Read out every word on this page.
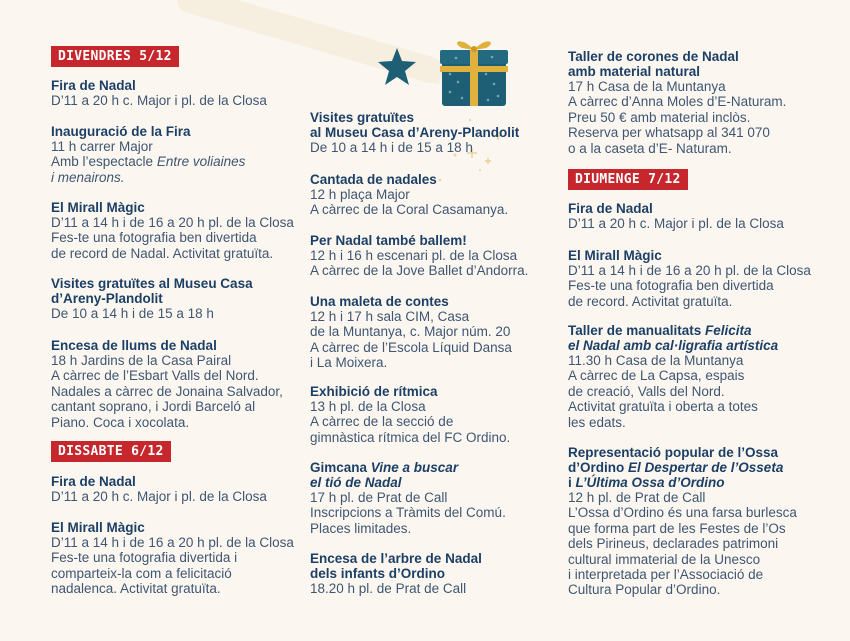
DIVENDRES 5/12
Fira de Nadal
D’11 a 20 h c. Major i pl. de la Closa
Inauguració de la Fira
11 h carrer Major
Amb l’espectacle Entre voliaines
i menairons.
El Mirall Màgic
D’11 a 14 h i de 16 a 20 h pl. de la Closa
Fes-te una fotografia ben divertida
de record de Nadal. Activitat gratuïta.
Visites gratuïtes al Museu Casa
d’Areny-Plandolit
De 10 a 14 h i de 15 a 18 h
Encesa de llums de Nadal
18 h Jardins de la Casa Pairal
A càrrec de l’Esbart Valls del Nord.
Nadales a càrrec de Jonaina Salvador,
cantant soprano, i Jordi Barceló al
Piano. Coca i xocolata.
DISSABTE 6/12
Fira de Nadal
D’11 a 20 h c. Major i pl. de la Closa
El Mirall Màgic
D’11 a 14 h i de 16 a 20 h pl. de la Closa
Fes-te una fotografia divertida i
comparteix-la com a felicitació
nadalenca. Activitat gratuïta.
Visites gratuïtes
al Museu Casa d’Areny-Plandolit
De 10 a 14 h i de 15 a 18 h
Cantada de nadales
12 h plaça Major
A càrrec de la Coral Casamanya.
Per Nadal també ballem!
12 h i 16 h escenari pl. de la Closa
A càrrec de la Jove Ballet d’Andorra.
Una maleta de contes
12 h i 17 h sala CIM, Casa
de la Muntanya, c. Major núm. 20
A càrrec de l’Escola Líquid Dansa
i La Moixera.
Exhibició de rítmica
13 h pl. de la Closa
A càrrec de la secció de
gimnàstica rítmica del FC Ordino.
Gimcana Vine a buscar
el tió de Nadal
17 h pl. de Prat de Call
Inscripcions a Tràmits del Comú.
Places limitades.
Encesa de l’arbre de Nadal
dels infants d’Ordino
18.20 h pl. de Prat de Call
Taller de corones de Nadal
amb material natural
17 h Casa de la Muntanya
A càrrec d’Anna Moles d’E-Naturam.
Preu 50 € amb material inclòs.
Reserva per whatsapp al 341 070
o a la caseta d’E- Naturam.
DIUMENGE 7/12
Fira de Nadal
D’11 a 20 h c. Major i pl. de la Closa
El Mirall Màgic
D’11 a 14 h i de 16 a 20 h pl. de la Closa
Fes-te una fotografia ben divertida
de record. Activitat gratuïta.
Taller de manualitats Felicita
el Nadal amb cal·ligrafia artística
11.30 h Casa de la Muntanya
A càrrec de La Capsa, espais
de creació, Valls del Nord.
Activitat gratuïta i oberta a totes
les edats.
Representació popular de l’Ossa
d’Ordino El Despertar de l’Osseta
i L’Última Ossa d’Ordino
12 h pl. de Prat de Call
L’Ossa d’Ordino és una farsa burlesca
que forma part de les Festes de l’Os
dels Pirineus, declarades patrimoni
cultural immaterial de la Unesco
i interpretada per l’Associació de
Cultura Popular d’Ordino.
